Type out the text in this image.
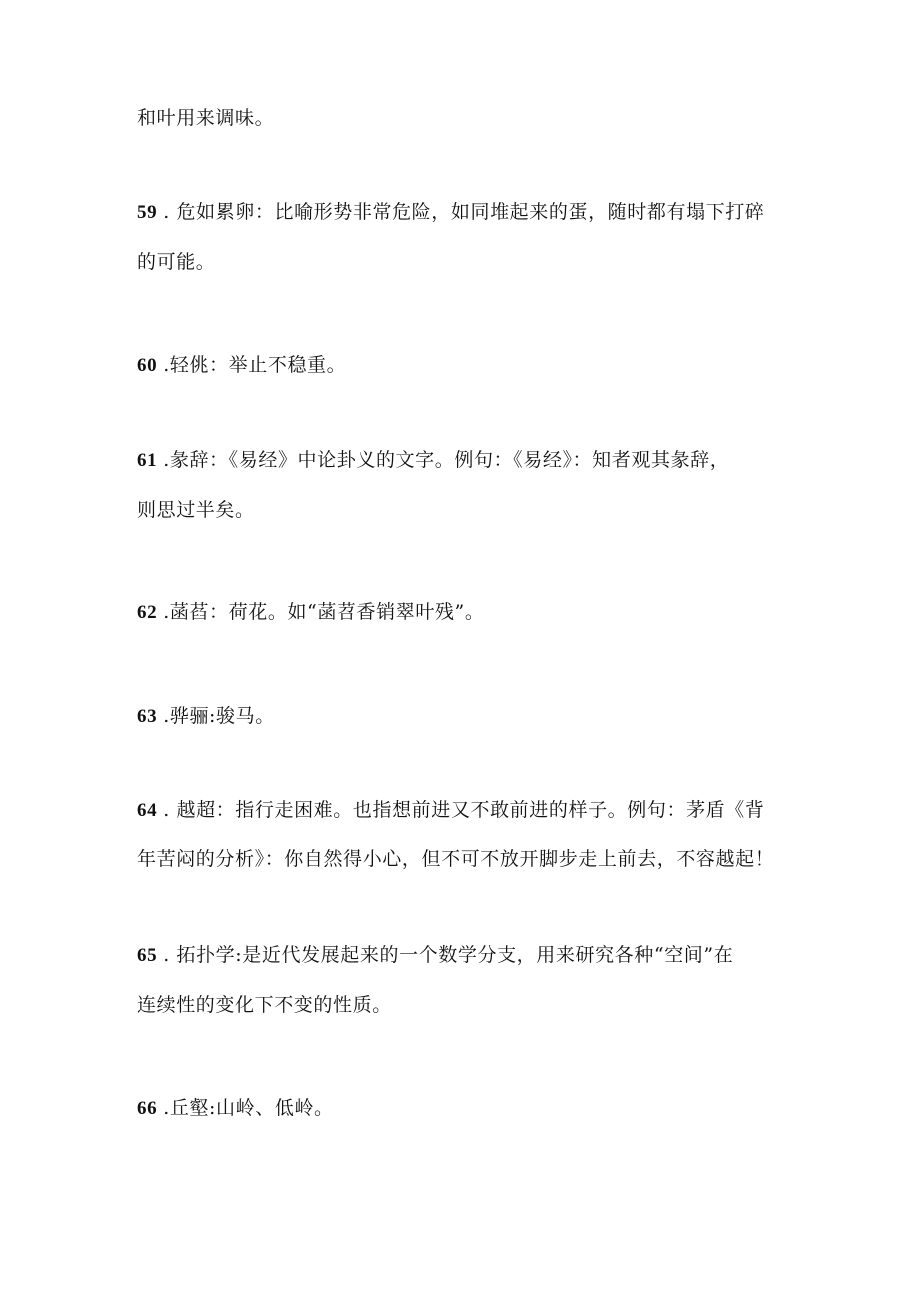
和叶用来调味。
59 . 危如累卵：比喻形势非常危险，如同堆起来的蛋，随时都有塌下打碎
的可能。
60 .轻佻：举止不稳重。
61 .彖辞：《易经》中论卦义的文字。例句：《易经》：知者观其彖辞，
则思过半矣。
62 .菡萏：荷花。如“菡苕香销翠叶残”。
63 .骅骊:骏马。
64 . 越超：指行走困难。也指想前进又不敢前进的样子。例句：茅盾《背
年苦闷的分析》：你自然得小心，但不可不放开脚步走上前去，不容越起！
65 . 拓扑学:是近代发展起来的一个数学分支，用来研究各种“空间”在
连续性的变化下不变的性质。
66 .丘壑:山岭、低岭。
